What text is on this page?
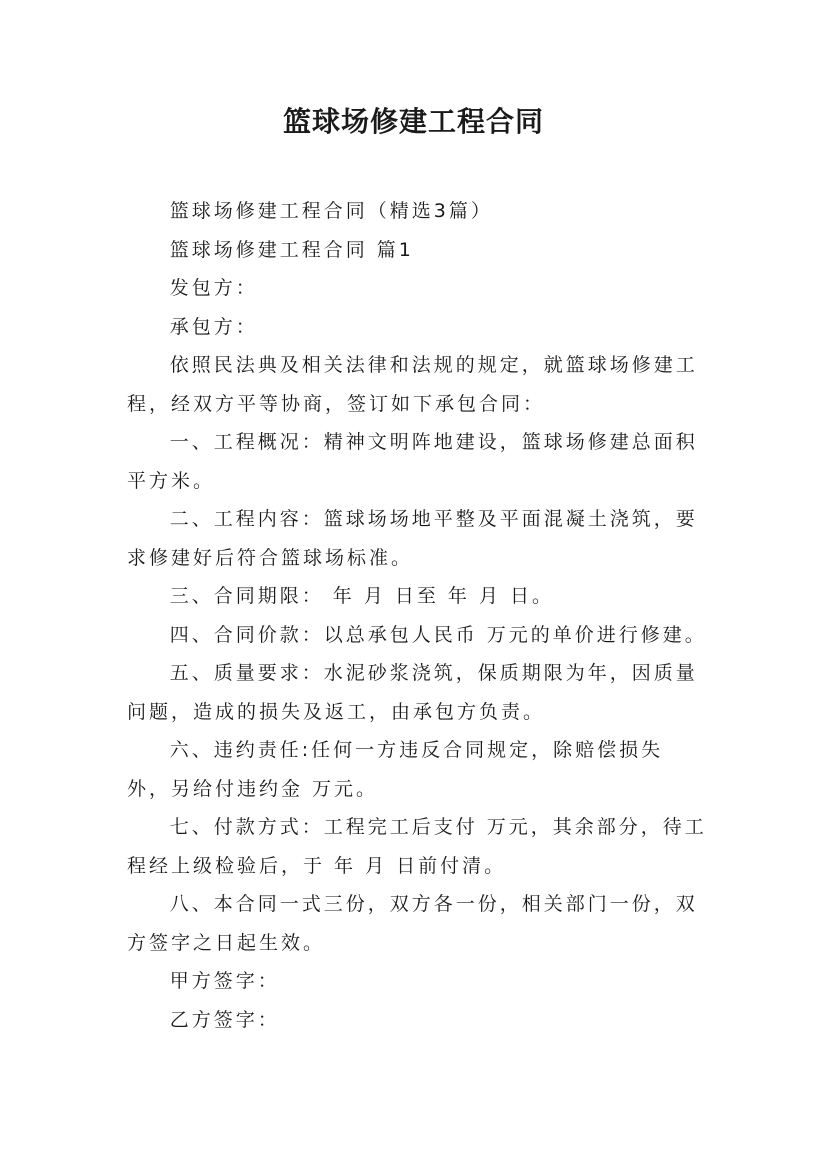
篮球场修建工程合同

篮球场修建工程合同（精选3篇）

篮球场修建工程合同 篇1

发包方：

承包方：

依照民法典及相关法律和法规的规定，就篮球场修建工程，经双方平等协商，签订如下承包合同：

一、工程概况：精神文明阵地建设，篮球场修建总面积平方米。

二、工程内容：篮球场场地平整及平面混凝土浇筑，要求修建好后符合篮球场标准。

三、合同期限： 年 月 日至 年 月 日。

四、合同价款：以总承包人民币 万元的单价进行修建。

五、质量要求：水泥砂浆浇筑，保质期限为年，因质量问题，造成的损失及返工，由承包方负责。

六、违约责任:任何一方违反合同规定，除赔偿损失外，另给付违约金 万元。

七、付款方式：工程完工后支付 万元，其余部分，待工程经上级检验后，于 年 月 日前付清。

八、本合同一式三份，双方各一份，相关部门一份，双方签字之日起生效。

甲方签字：

乙方签字：
